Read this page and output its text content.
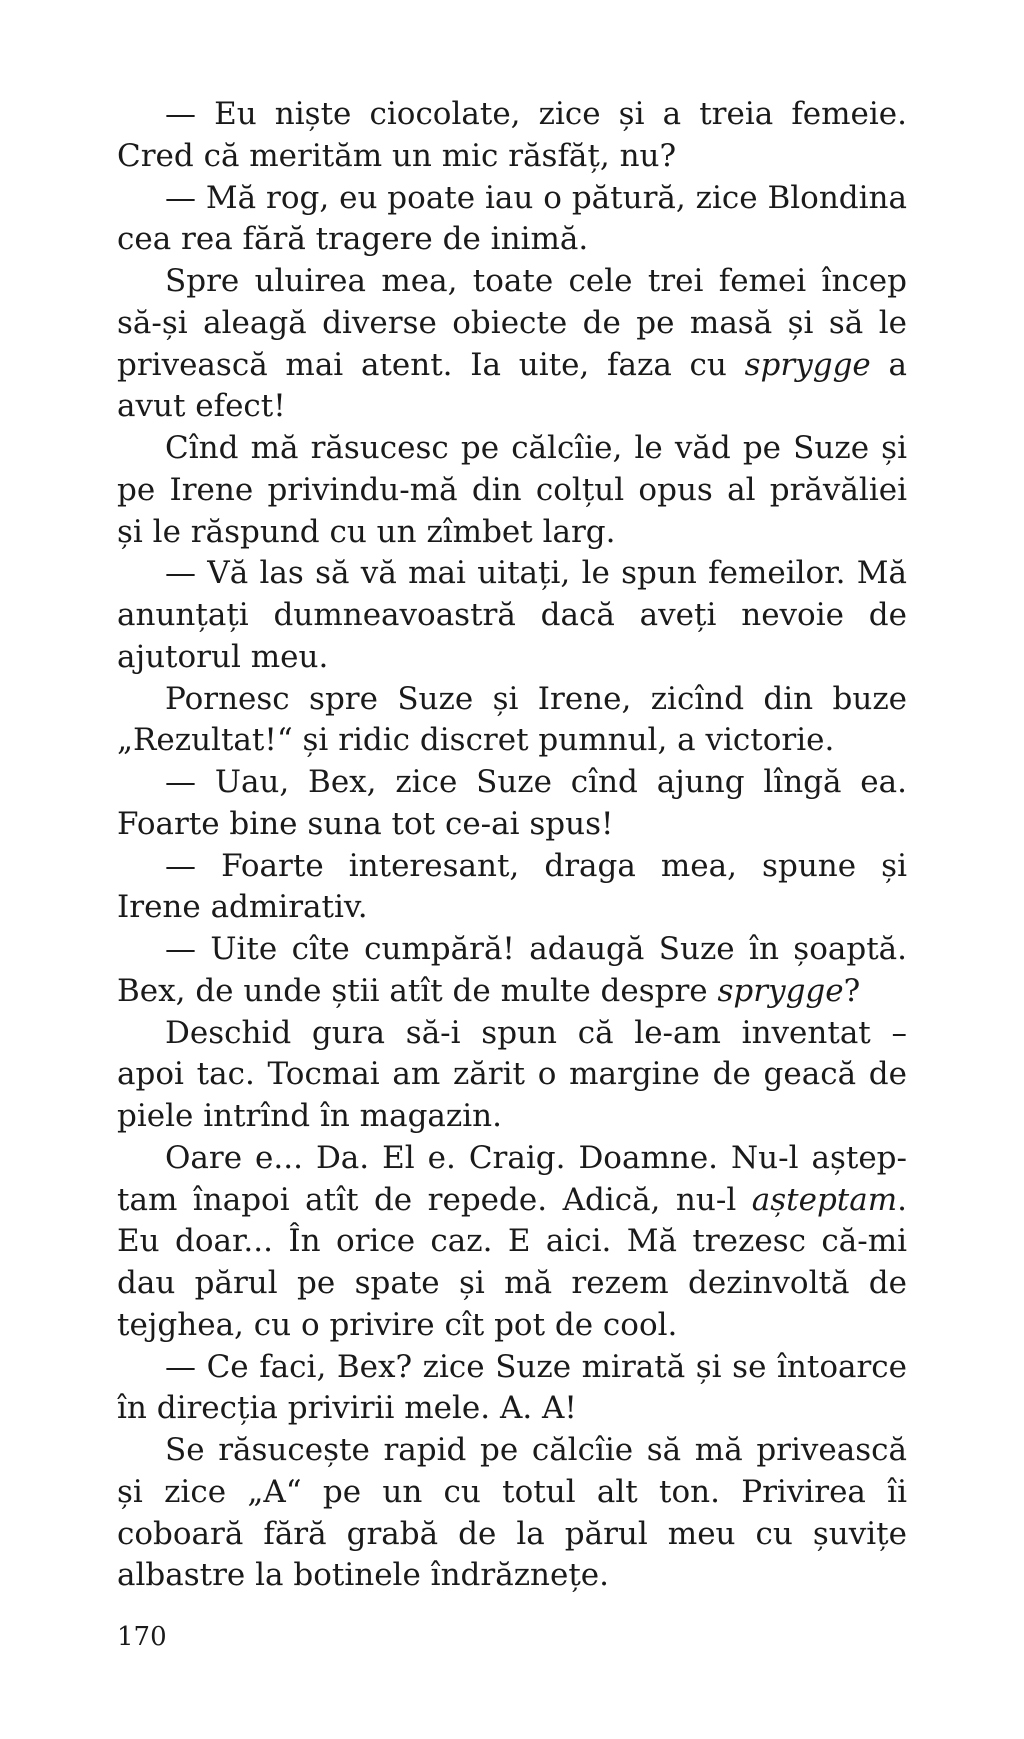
— Eu niște ciocolate, zice și a treia femeie. Cred că merităm un mic răsfăț, nu?

— Mă rog, eu poate iau o pătură, zice Blondina cea rea fără tragere de inimă.

Spre uluirea mea, toate cele trei femei încep să-și aleagă diverse obiecte de pe masă și să le privească mai atent. Ia uite, faza cu sprygge a avut efect!

Cînd mă răsucesc pe călcîie, le văd pe Suze și pe Irene privindu-mă din colțul opus al prăvăliei și le răspund cu un zîmbet larg.

— Vă las să vă mai uitați, le spun femeilor. Mă anunțați dumneavoastră dacă aveți nevoie de ajutorul meu.

Pornesc spre Suze și Irene, zicînd din buze „Rezultat!“ și ridic discret pumnul, a victorie.

— Uau, Bex, zice Suze cînd ajung lîngă ea. Foarte bine suna tot ce-ai spus!

— Foarte interesant, draga mea, spune și Irene admirativ.

— Uite cîte cumpără! adaugă Suze în șoaptă. Bex, de unde știi atît de multe despre sprygge?

Deschid gura să-i spun că le-am inventat – apoi tac. Tocmai am zărit o margine de geacă de piele intrînd în magazin.

Oare e... Da. El e. Craig. Doamne. Nu-l așteptam înapoi atît de repede. Adică, nu-l așteptam. Eu doar... În orice caz. E aici. Mă trezesc că-mi dau părul pe spate și mă rezem dezinvoltă de tejghea, cu o privire cît pot de cool.

— Ce faci, Bex? zice Suze mirată și se întoarce în direcția privirii mele. A. A!

Se răsucește rapid pe călcîie să mă privească și zice „A“ pe un cu totul alt ton. Privirea îi coboară fără grabă de la părul meu cu șuvițe albastre la botinele îndrăznețe.

170
